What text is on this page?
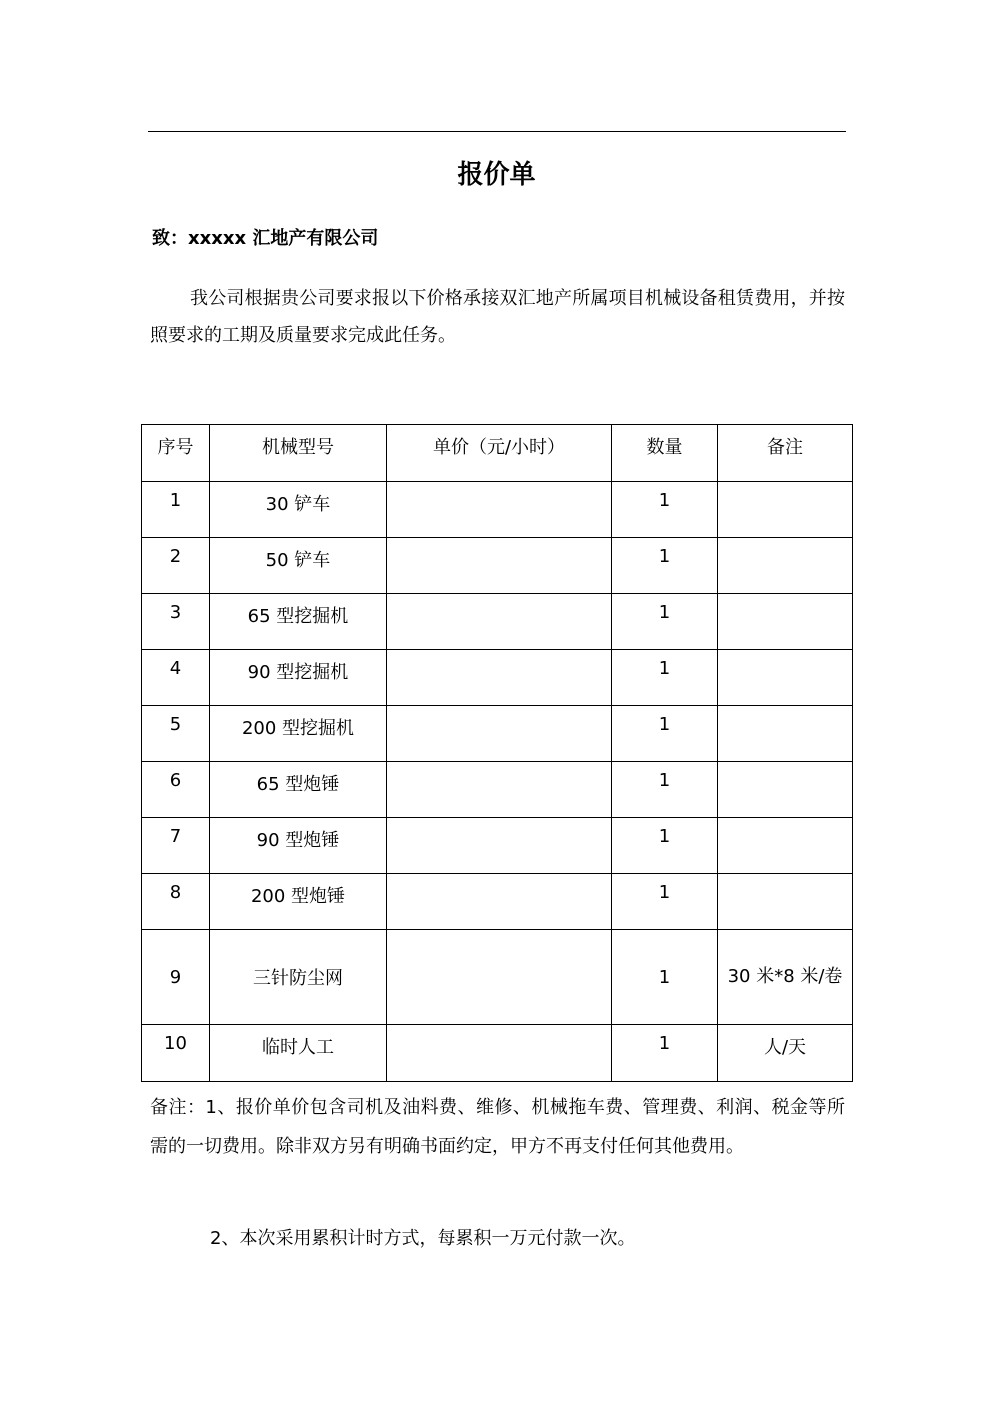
报价单
致：xxxxx 汇地产有限公司
我公司根据贵公司要求报以下价格承接双汇地产所属项目机械设备租赁费用，并按照要求的工期及质量要求完成此任务。
序号	机械型号	单价（元/小时）	数量	备注
1	30 铲车		1	
2	50 铲车		1	
3	65 型挖掘机		1	
4	90 型挖掘机		1	
5	200 型挖掘机		1	
6	65 型炮锤		1	
7	90 型炮锤		1	
8	200 型炮锤		1	
9	三针防尘网		1	30 米*8 米/卷
10	临时人工		1	人/天
备注：1、报价单价包含司机及油料费、维修、机械拖车费、管理费、利润、税金等所需的一切费用。除非双方另有明确书面约定，甲方不再支付任何其他费用。
2、本次采用累积计时方式，每累积一万元付款一次。
